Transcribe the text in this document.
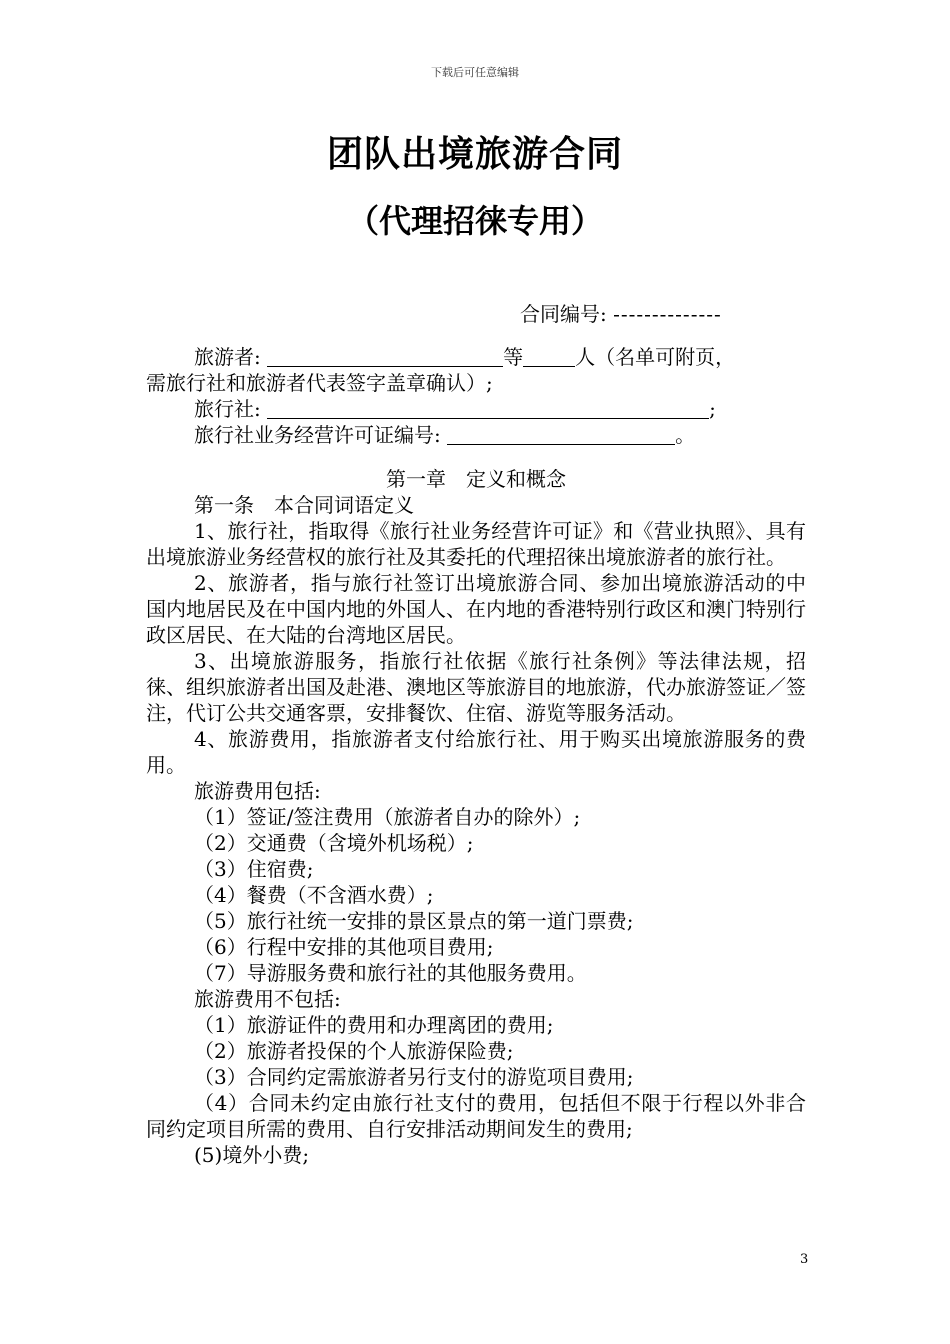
下载后可任意编辑
团队出境旅游合同
（代理招徕专用）
合同编号: --------------
旅游者:	等	人（名单可附页，
需旅行社和旅游者代表签字盖章确认）;
旅行社:	;
旅行社业务经营许可证编号:	。
第一章　定义和概念
第一条　本合同词语定义
1、旅行社，指取得《旅行社业务经营许可证》和《营业执照》、具有出境旅游业务经营权的旅行社及其委托的代理招徕出境旅游者的旅行社。
2、旅游者，指与旅行社签订出境旅游合同、参加出境旅游活动的中国内地居民及在中国内地的外国人、在内地的香港特别行政区和澳门特别行政区居民、在大陆的台湾地区居民。
3、出境旅游服务，指旅行社依据《旅行社条例》等法律法规，招徕、组织旅游者出国及赴港、澳地区等旅游目的地旅游，代办旅游签证／签注，代订公共交通客票，安排餐饮、住宿、游览等服务活动。
4、旅游费用，指旅游者支付给旅行社、用于购买出境旅游服务的费用。
旅游费用包括:
（1）签证/签注费用（旅游者自办的除外）;
（2）交通费（含境外机场税）;
（3）住宿费;
（4）餐费（不含酒水费）;
（5）旅行社统一安排的景区景点的第一道门票费;
（6）行程中安排的其他项目费用;
（7）导游服务费和旅行社的其他服务费用。
旅游费用不包括:
（1）旅游证件的费用和办理离团的费用;
（2）旅游者投保的个人旅游保险费;
（3）合同约定需旅游者另行支付的游览项目费用;
（4）合同未约定由旅行社支付的费用，包括但不限于行程以外非合同约定项目所需的费用、自行安排活动期间发生的费用;
(5)境外小费;
3
